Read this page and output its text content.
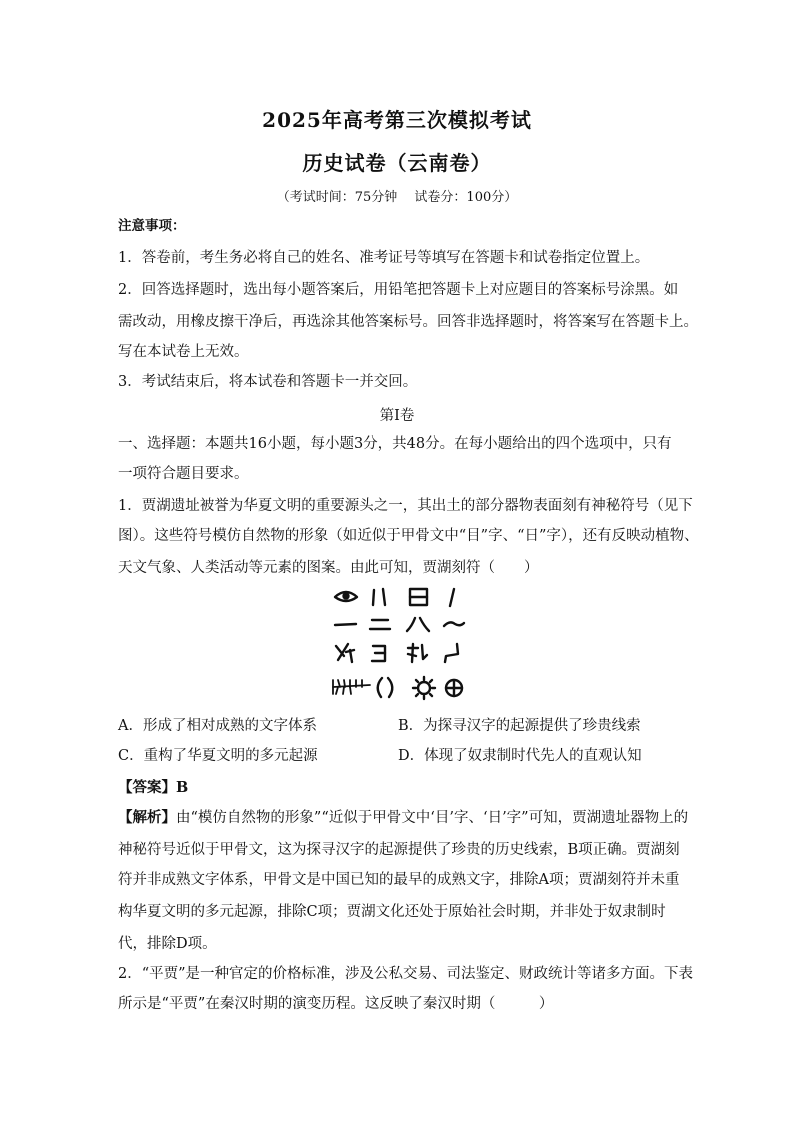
2025年高考第三次模拟考试
历史试卷（云南卷）
（考试时间：75分钟　 试卷分：100分）
注意事项：
1．答卷前，考生务必将自己的姓名、准考证号等填写在答题卡和试卷指定位置上。
2．回答选择题时，选出每小题答案后，用铅笔把答题卡上对应题目的答案标号涂黑。如
需改动，用橡皮擦干净后，再选涂其他答案标号。回答非选择题时，将答案写在答题卡上。
写在本试卷上无效。
3．考试结束后，将本试卷和答题卡一并交回。
第Ⅰ卷
一、选择题：本题共16小题，每小题3分，共48分。在每小题给出的四个选项中，只有
一项符合题目要求。
1．贾湖遗址被誉为华夏文明的重要源头之一，其出土的部分器物表面刻有神秘符号（见下
图）。这些符号模仿自然物的形象（如近似于甲骨文中“目”字、“日”字），还有反映动植物、
天文气象、人类活动等元素的图案。由此可知，贾湖刻符（　　）
A．形成了相对成熟的文字体系	B．为探寻汉字的起源提供了珍贵线索
C．重构了华夏文明的多元起源	D．体现了奴隶制时代先人的直观认知
【答案】B
【解析】由“模仿自然物的形象”“近似于甲骨文中‘目’字、‘日’字”可知，贾湖遗址器物上的
神秘符号近似于甲骨文，这为探寻汉字的起源提供了珍贵的历史线索，B项正确。贾湖刻
符并非成熟文字体系，甲骨文是中国已知的最早的成熟文字，排除A项；贾湖刻符并未重
构华夏文明的多元起源，排除C项；贾湖文化还处于原始社会时期，并非处于奴隶制时
代，排除D项。
2．“平贾”是一种官定的价格标准，涉及公私交易、司法鉴定、财政统计等诸多方面。下表
所示是“平贾”在秦汉时期的演变历程。这反映了秦汉时期（　　　）
